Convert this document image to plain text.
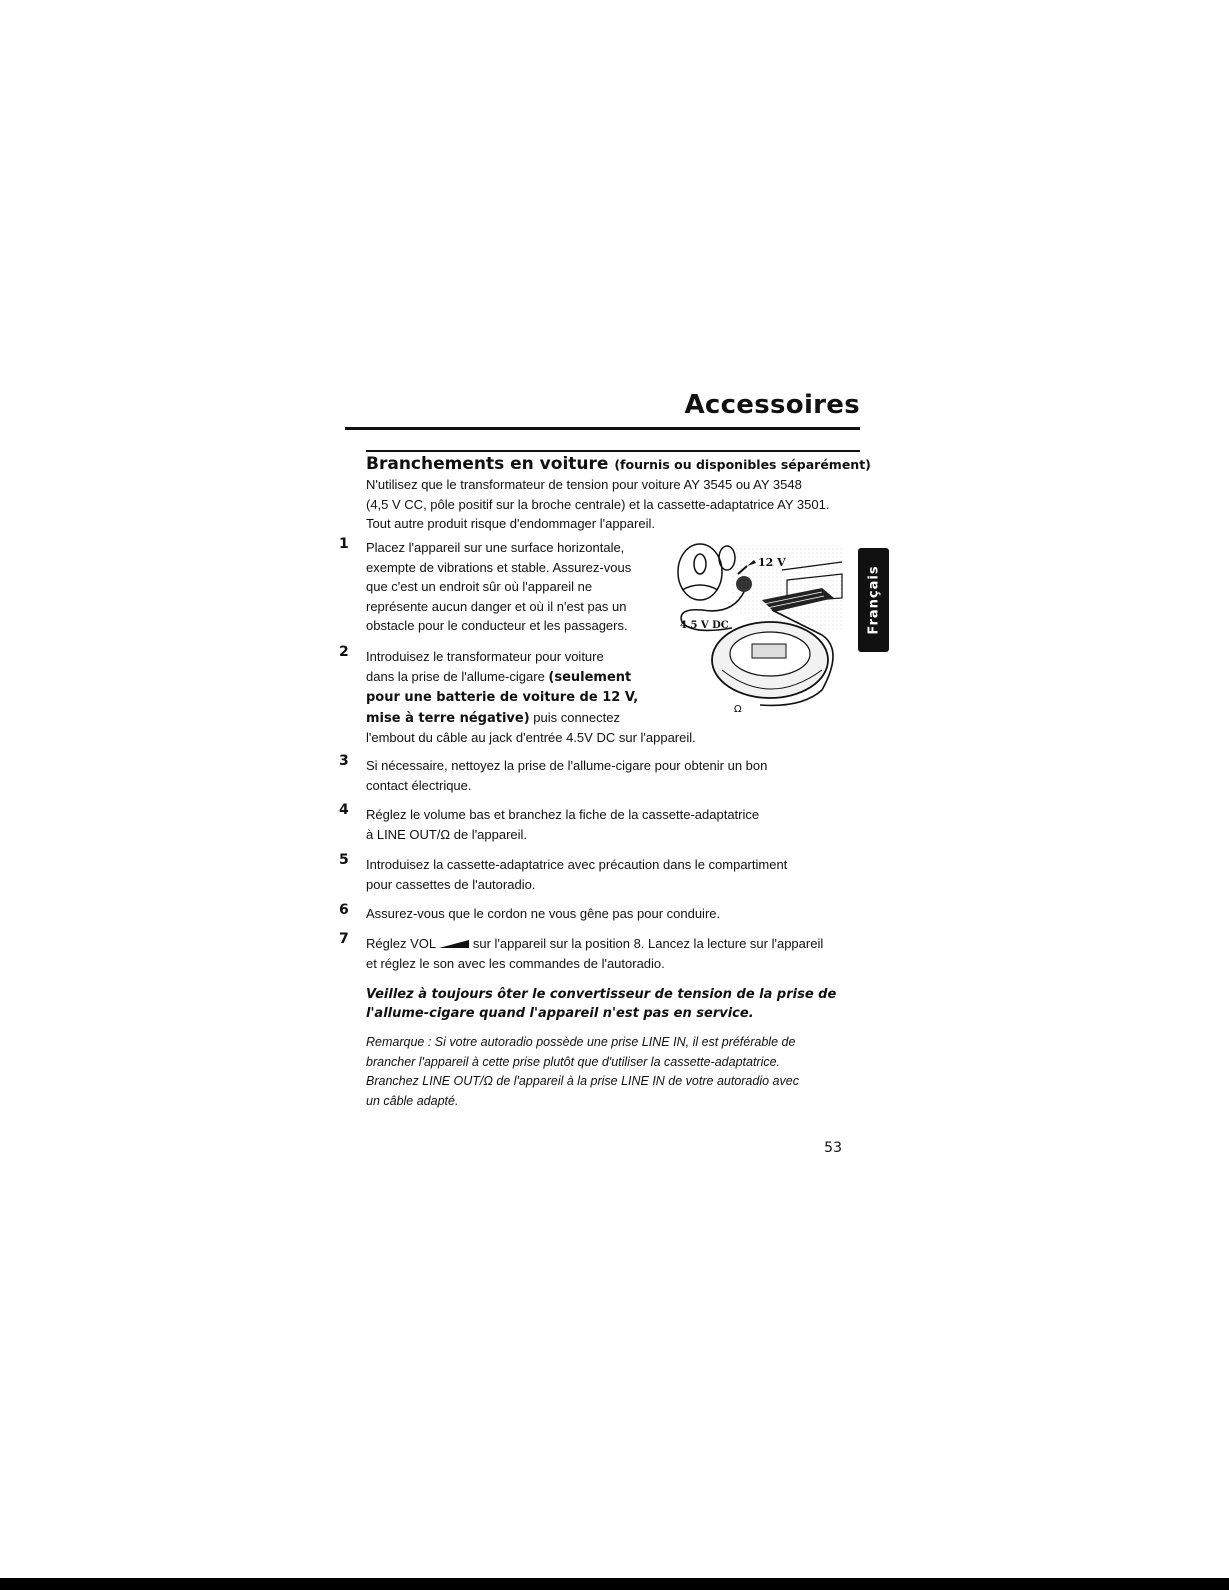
Accessoires
Branchements en voiture (fournis ou disponibles séparément)
N'utilisez que le transformateur de tension pour voiture AY 3545 ou AY 3548
(4,5 V CC, pôle positif sur la broche centrale) et la cassette-adaptatrice AY 3501.
Tout autre produit risque d'endommager l'appareil.
1 Placez l'appareil sur une surface horizontale,
exempte de vibrations et stable. Assurez-vous
que c'est un endroit sûr où l'appareil ne
représente aucun danger et où il n'est pas un
obstacle pour le conducteur et les passagers.
2 Introduisez le transformateur pour voiture
dans la prise de l'allume-cigare (seulement
pour une batterie de voiture de 12 V,
mise à terre négative) puis connectez
l'embout du câble au jack d'entrée 4.5V DC sur l'appareil.
3 Si nécessaire, nettoyez la prise de l'allume-cigare pour obtenir un bon
contact électrique.
4 Réglez le volume bas et branchez la fiche de la cassette-adaptatrice
à LINE OUT/Ω de l'appareil.
5 Introduisez la cassette-adaptatrice avec précaution dans le compartiment
pour cassettes de l'autoradio.
6 Assurez-vous que le cordon ne vous gêne pas pour conduire.
7 Réglez VOL	sur l'appareil sur la position 8. Lancez la lecture sur l'appareil
et réglez le son avec les commandes de l'autoradio.
Veillez à toujours ôter le convertisseur de tension de la prise de
l'allume-cigare quand l'appareil n'est pas en service.
Remarque : Si votre autoradio possède une prise LINE IN, il est préférable de
brancher l'appareil à cette prise plutôt que d'utiliser la cassette-adaptatrice.
Branchez LINE OUT/Ω de l'appareil à la prise LINE IN de votre autoradio avec
un câble adapté.
53
Français
12 V
4.5 V DC
Ω
